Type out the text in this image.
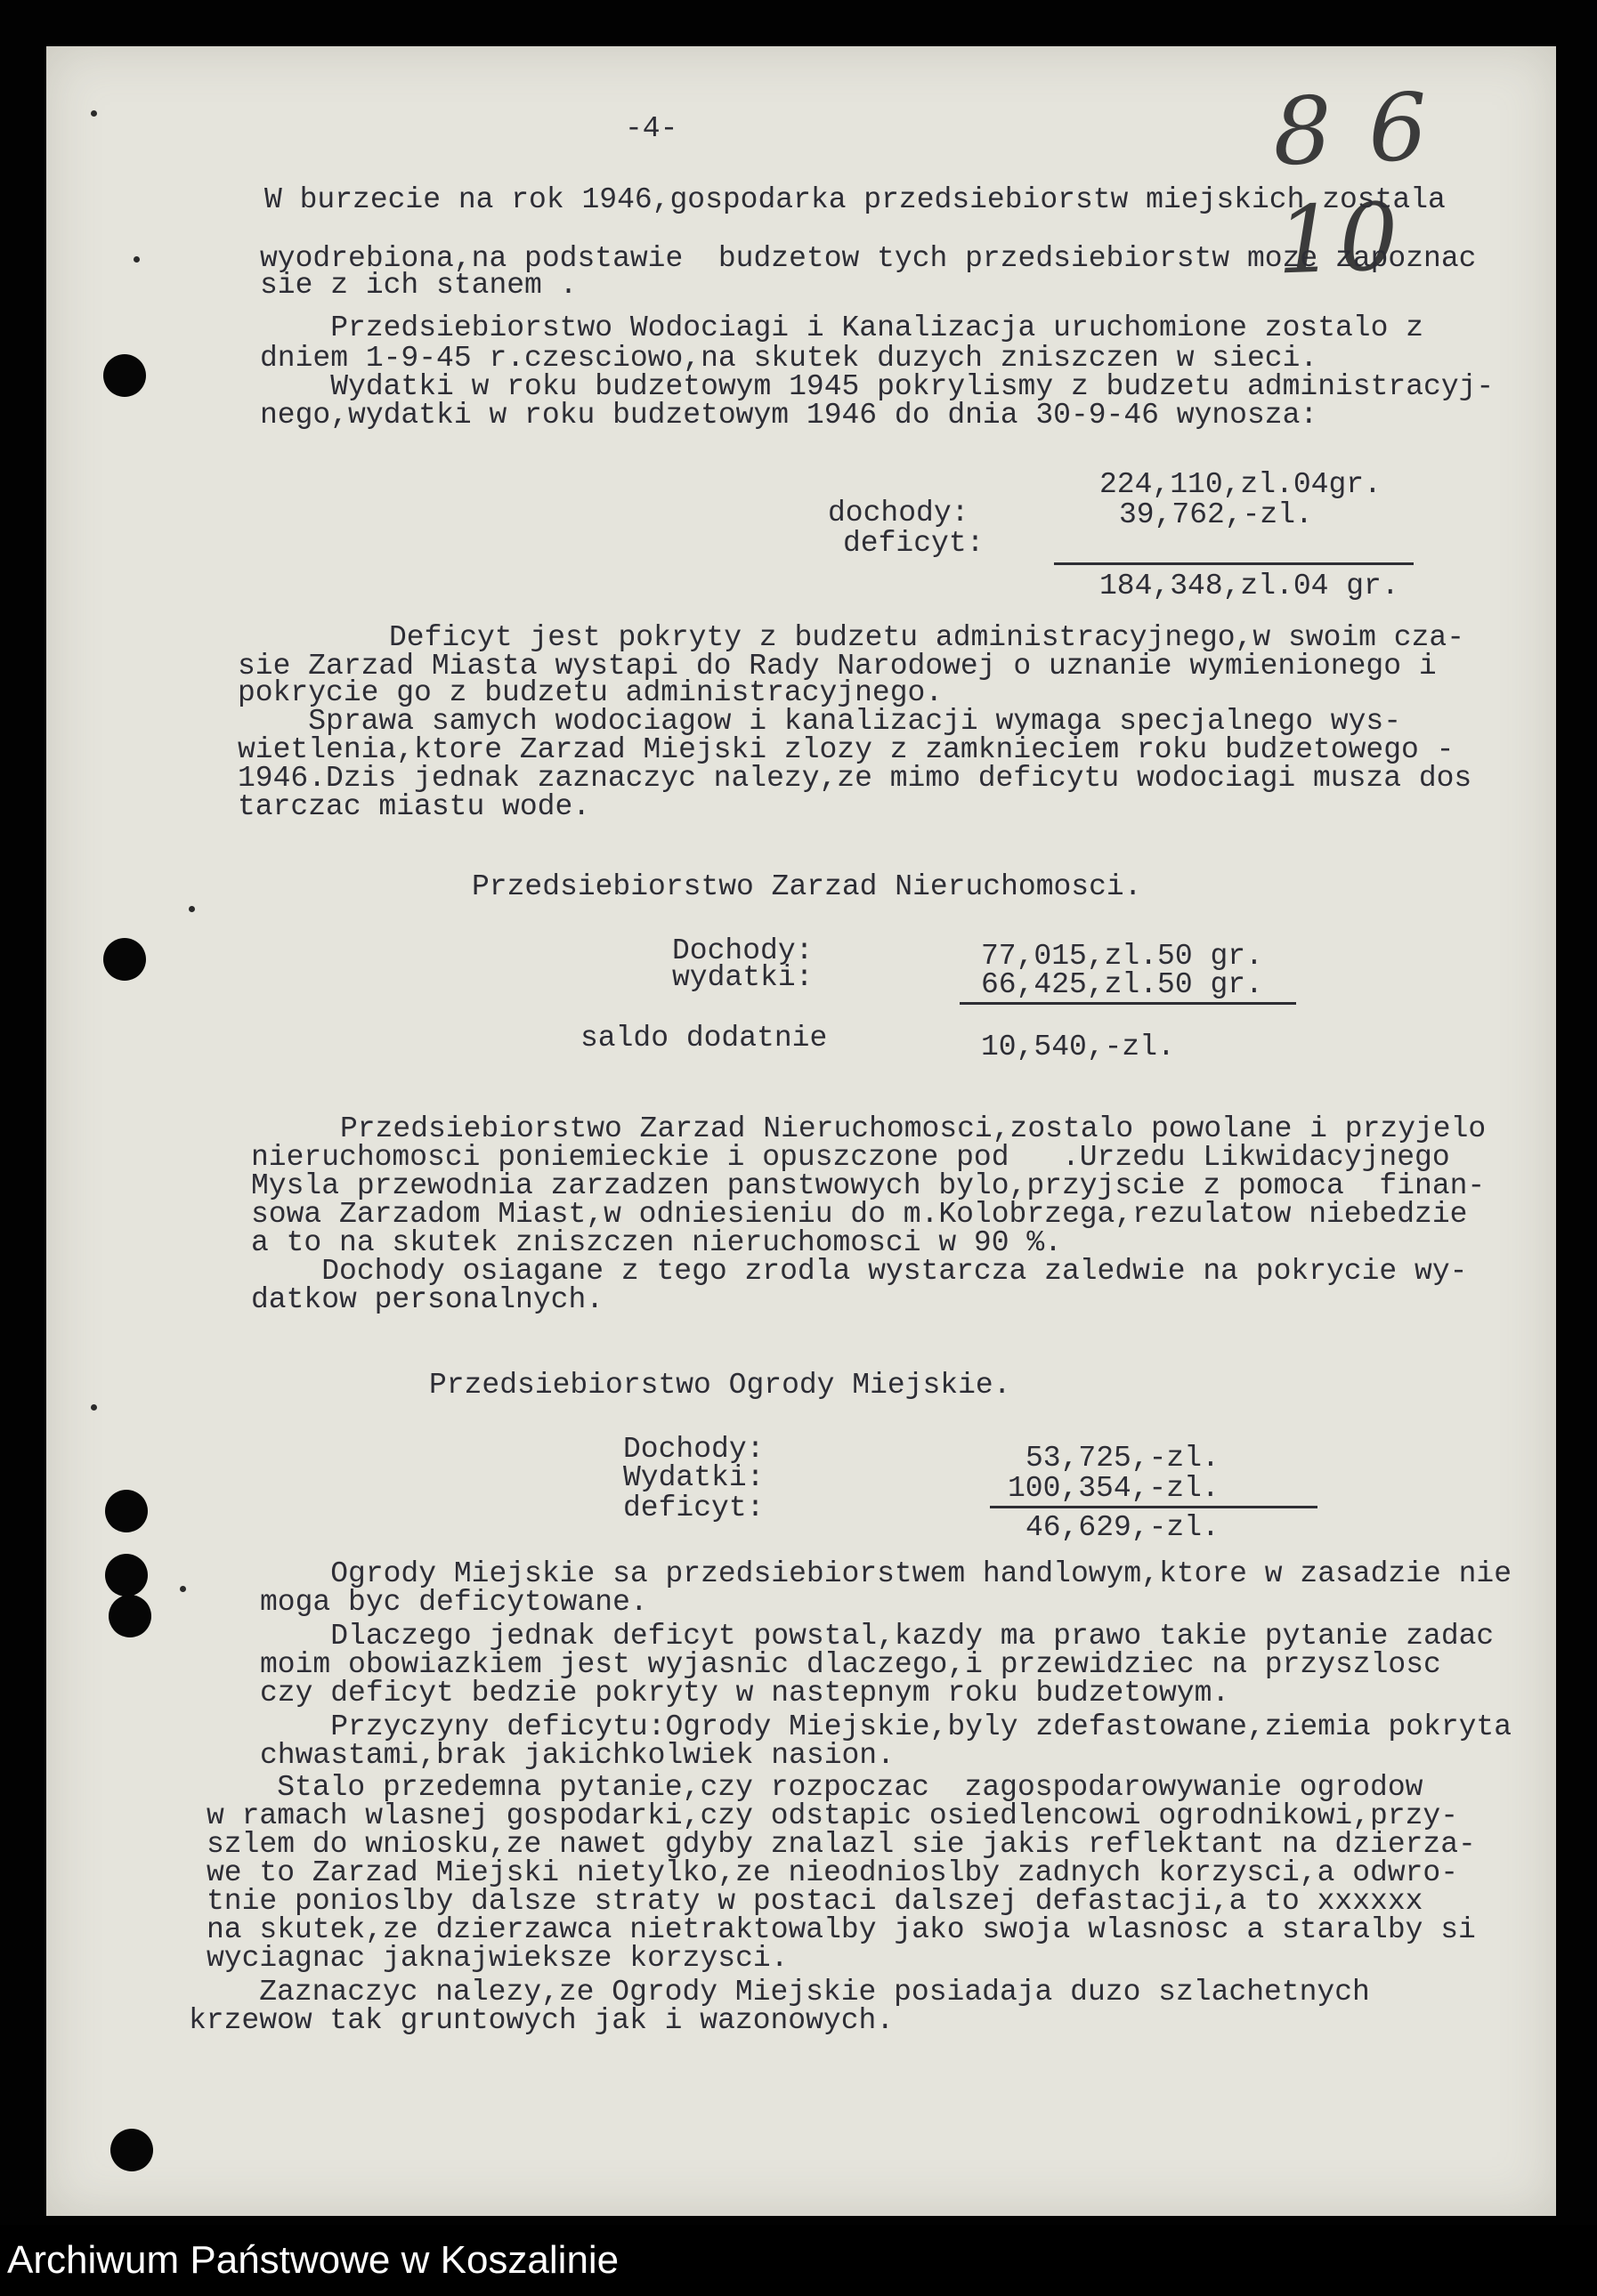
8 6 10
-4-
W burzecie na rok 1946,gospodarka przedsiebiorstw miejskich zostala
wyodrebiona,na podstawie  budzetow tych przedsiebiorstw moze zapoznac
sie z ich stanem .
Przedsiebiorstwo Wodociagi i Kanalizacja uruchomione zostalo z
dniem 1-9-45 r.czesciowo,na skutek duzych zniszczen w sieci.
Wydatki w roku budzetowym 1945 pokrylismy z budzetu administracyj-
nego,wydatki w roku budzetowym 1946 do dnia 30-9-46 wynosza:
dochody:
deficyt:
224,110,zl.04gr.
39,762,-zl.
184,348,zl.04 gr.
Deficyt jest pokryty z budzetu administracyjnego,w swoim cza-
sie Zarzad Miasta wystapi do Rady Narodowej o uznanie wymienionego i
pokrycie go z budzetu administracyjnego.
Sprawa samych wodociagow i kanalizacji wymaga specjalnego wys-
wietlenia,ktore Zarzad Miejski zlozy z zamknieciem roku budzetowego -
1946.Dzis jednak zaznaczyc nalezy,ze mimo deficytu wodociagi musza dos
tarczac miastu wode.
Przedsiebiorstwo Zarzad Nieruchomosci.
Dochody:
wydatki:
77,015,zl.50 gr.
66,425,zl.50 gr.
saldo dodatnie	10,540,-zl.
Przedsiebiorstwo Zarzad Nieruchomosci,zostalo powolane i przyjelo
nieruchomosci poniemieckie i opuszczone pod   .Urzedu Likwidacyjnego
Mysla przewodnia zarzadzen panstwowych bylo,przyjscie z pomoca  finan-
sowa Zarzadom Miast,w odniesieniu do m.Kolobrzega,rezulatow niebedzie
a to na skutek zniszczen nieruchomosci w 90 %.
Dochody osiagane z tego zrodla wystarcza zaledwie na pokrycie wy-
datkow personalnych.
Przedsiebiorstwo Ogrody Miejskie.
Dochody:
Wydatki:
deficyt:
53,725,-zl.
100,354,-zl.
46,629,-zl.
Ogrody Miejskie sa przedsiebiorstwem handlowym,ktore w zasadzie nie
moga byc deficytowane.
Dlaczego jednak deficyt powstal,kazdy ma prawo takie pytanie zadac
moim obowiazkiem jest wyjasnic dlaczego,i przewidziec na przyszlosc
czy deficyt bedzie pokryty w nastepnym roku budzetowym.
Przyczyny deficytu:Ogrody Miejskie,byly zdefastowane,ziemia pokryta
chwastami,brak jakichkolwiek nasion.
Stalo przedemna pytanie,czy rozpoczac  zagospodarowywanie ogrodow
w ramach wlasnej gospodarki,czy odstapic osiedlencowi ogrodnikowi,przy-
szlem do wniosku,ze nawet gdyby znalazl sie jakis reflektant na dzierza-
we to Zarzad Miejski nietylko,ze nieodnioslby zadnych korzysci,a odwro-
tnie ponioslby dalsze straty w postaci dalszej defastacji,a to xxxxxx
na skutek,ze dzierzawca nietraktowalby jako swoja wlasnosc a staralby si
wyciagnac jaknajwieksze korzysci.
Zaznaczyc nalezy,ze Ogrody Miejskie posiadaja duzo szlachetnych
krzewow tak gruntowych jak i wazonowych.
Archiwum Państwowe w Koszalinie
